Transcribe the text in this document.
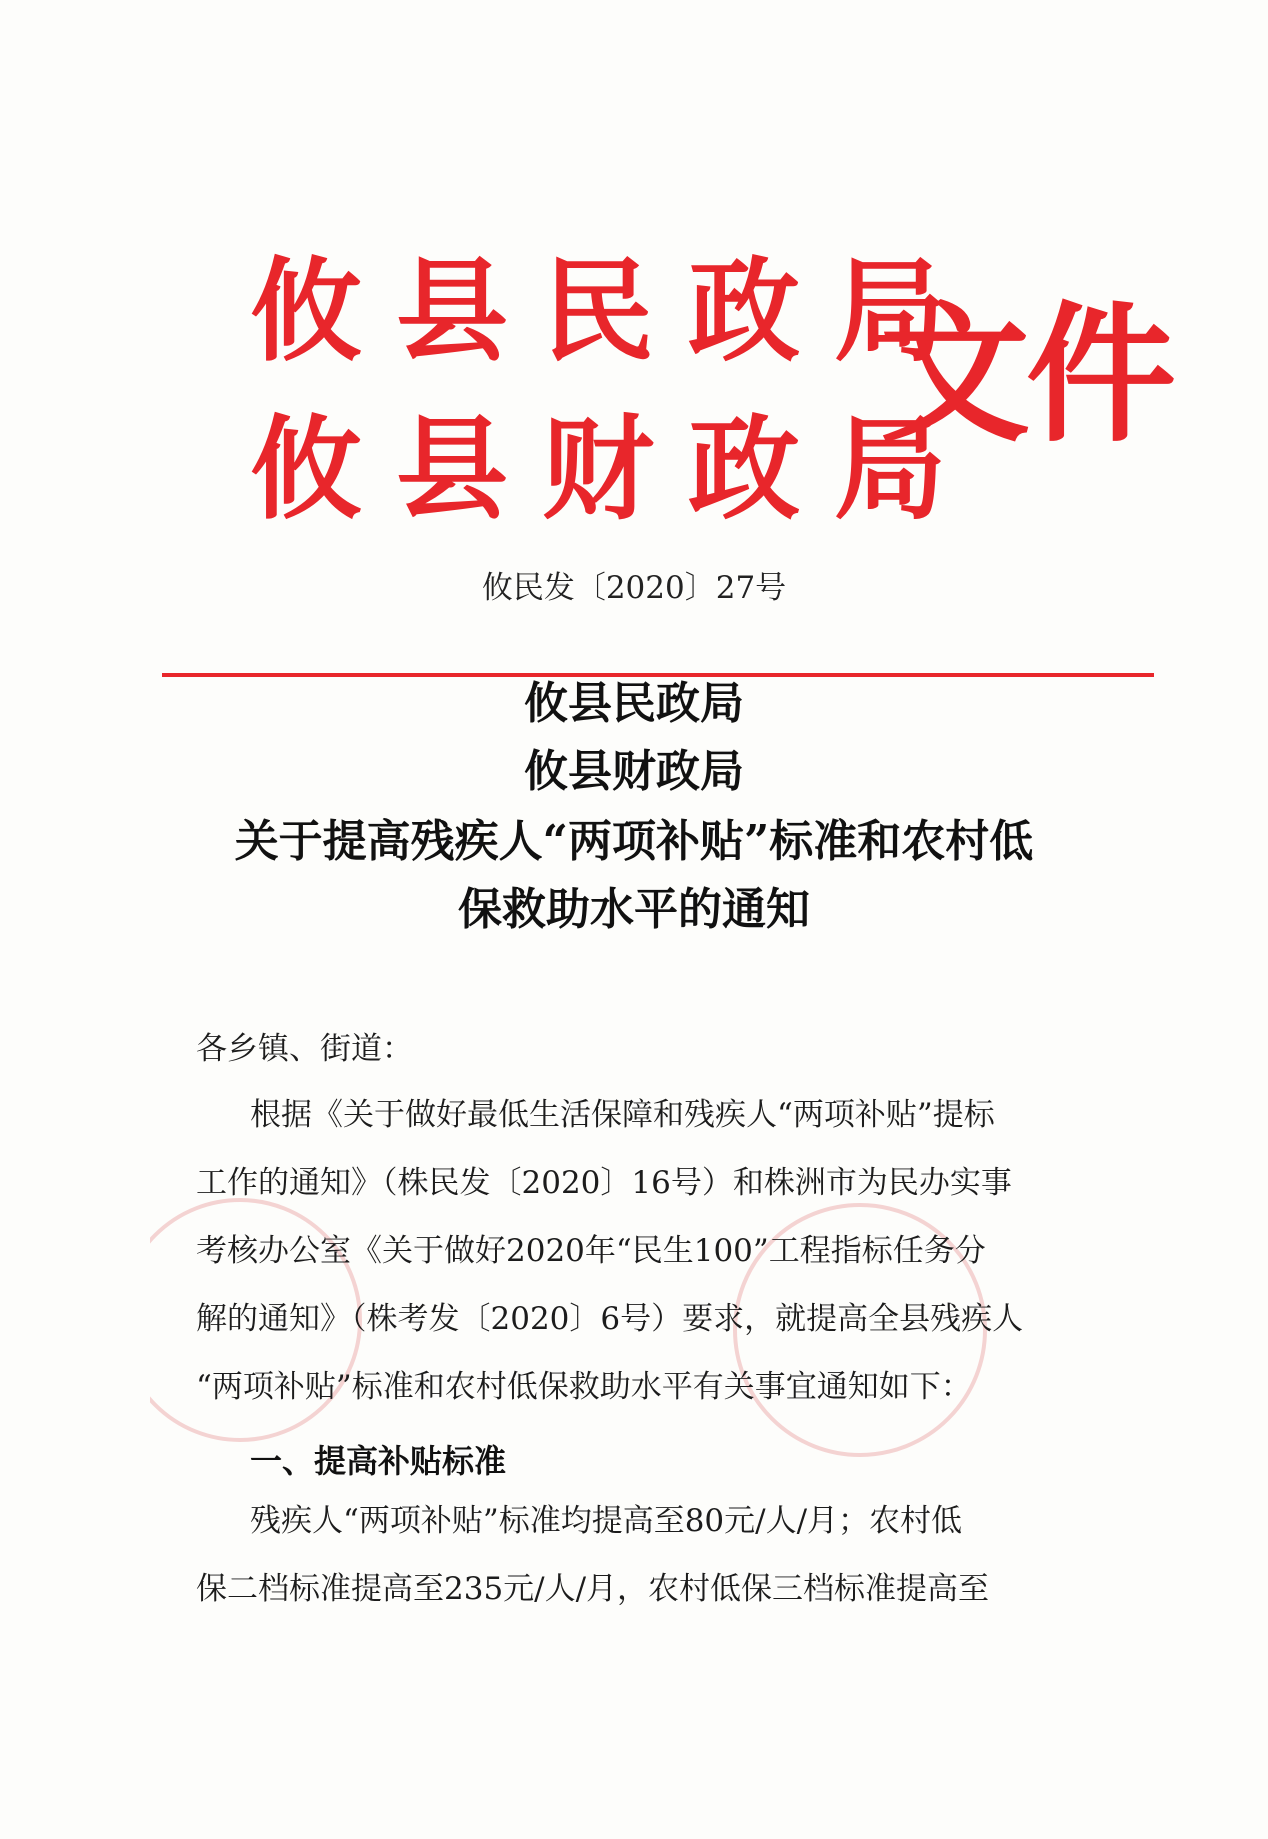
攸县民政局
攸县财政局
文件
攸民发〔2020〕27号
攸县民政局
攸县财政局
关于提高残疾人“两项补贴”标准和农村低
保救助水平的通知
各乡镇、街道：
根据《关于做好最低生活保障和残疾人“两项补贴”提标
工作的通知》（株民发〔2020〕16号）和株洲市为民办实事
考核办公室《关于做好2020年“民生100”工程指标任务分
解的通知》（株考发〔2020〕6号）要求，就提高全县残疾人
“两项补贴”标准和农村低保救助水平有关事宜通知如下：
一、提高补贴标准
残疾人“两项补贴”标准均提高至80元/人/月；农村低
保二档标准提高至235元/人/月，农村低保三档标准提高至
